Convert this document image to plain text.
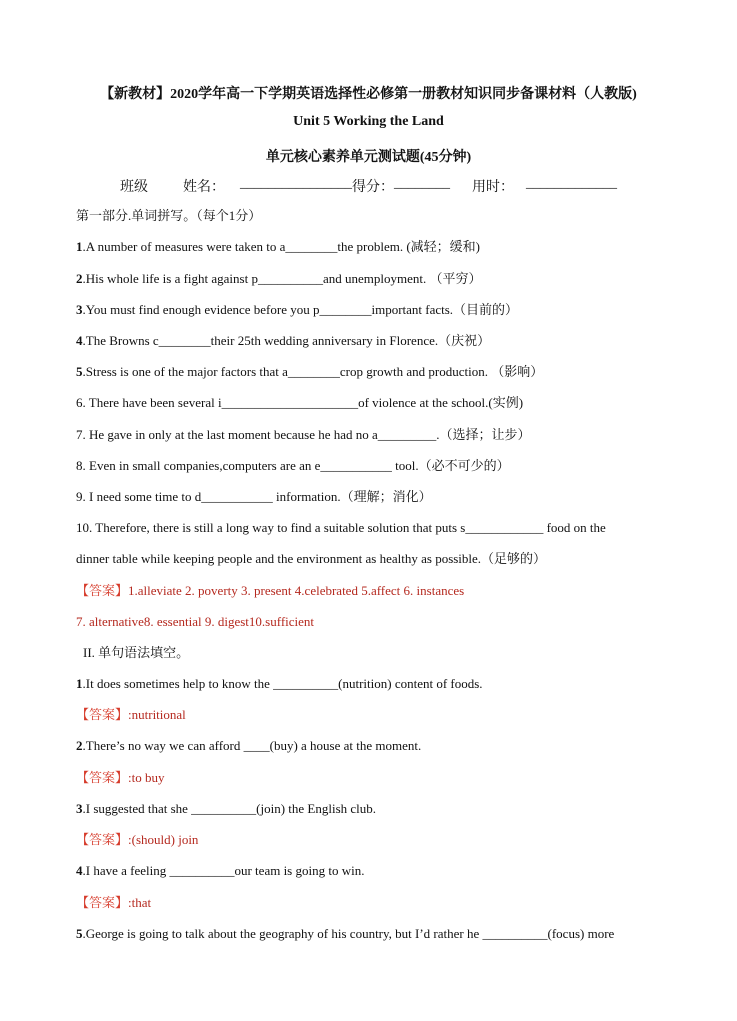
【新教材】2020学年高一下学期英语选择性必修第一册教材知识同步备课材料（人教版)
Unit 5 Working the Land
单元核心素养单元测试题(45分钟)
班级	姓名： ________________ 得分： ________ 用时： _____________
第一部分.单词拼写。（每个1分）
1.A number of measures were taken to a________the problem. (减轻；缓和)
2.His whole life is a fight against p__________and unemployment. （平穷）
3.You must find enough evidence before you p________important facts.（目前的）
4.The Browns c________their 25th wedding anniversary in Florence.（庆祝）
5.Stress is one of the major factors that a________crop growth and production. （影响）
6. There have been several i_____________________of violence at the school.(实例)
7. He gave in only at the last moment because he had no a_________.（选择；让步）
8. Even in small companies,computers are an e___________ tool.（必不可少的）
9. I need some time to d___________ information.（理解；消化）
10. Therefore, there is still a long way to find a suitable solution that puts s____________ food on the
dinner table while keeping people and the environment as healthy as possible.（足够的）
【答案】1.alleviate 2. poverty 3. present 4.celebrated 5.affect 6. instances
7. alternative8. essential 9. digest10.sufficient
II. 单句语法填空。
1.It does sometimes help to know the __________(nutrition) content of foods.
【答案】:nutritional
2.There’s no way we can afford ____(buy) a house at the moment.
【答案】:to buy
3.I suggested that she __________(join) the English club.
【答案】:(should) join
4.I have a feeling __________our team is going to win.
【答案】:that
5.George is going to talk about the geography of his country, but I’d rather he __________(focus) more
